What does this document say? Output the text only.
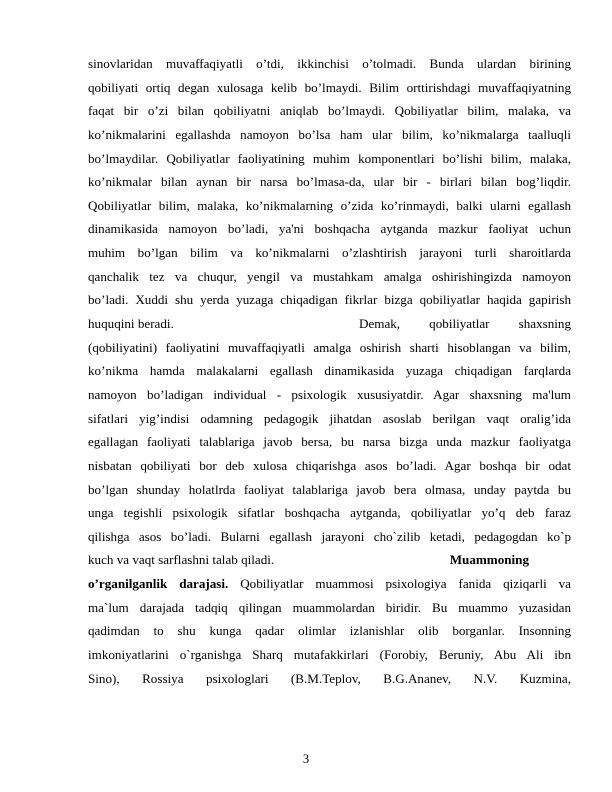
sinovlaridan muvaffaqiyatli o’tdi, ikkinchisi o’tolmadi. Bunda ulardan birining
qobiliyati ortiq degan xulosaga kelib bo’lmaydi. Bilim orttirishdagi muvaffaqiyatning
faqat bir o’zi bilan qobiliyatni aniqlab bo’lmaydi. Qobiliyatlar bilim, malaka, va
ko’nikmalarini egallashda namoyon bo’lsa ham ular bilim, ko’nikmalarga taalluqli
bo’lmaydilar. Qobiliyatlar faoliyatining muhim komponentlari bo’lishi bilim, malaka,
ko’nikmalar bilan aynan bir narsa bo’lmasa-da, ular bir - birlari bilan bog’liqdir.
Qobiliyatlar bilim, malaka, ko’nikmalarning o’zida ko’rinmaydi, balki ularni egallash
dinamikasida namoyon bo’ladi, ya'ni boshqacha aytganda mazkur faoliyat uchun
muhim bo’lgan bilim va ko’nikmalarni o’zlashtirish jarayoni turli sharoitlarda
qanchalik tez va chuqur, yengil va mustahkam amalga oshirishingizda namoyon
bo’ladi. Xuddi shu yerda yuzaga chiqadigan fikrlar bizga qobiliyatlar haqida gapirish
huquqini beradi.	Demak, qobiliyatlar shaxsning
(qobiliyatini) faoliyatini muvaffaqiyatli amalga oshirish sharti hisoblangan va bilim,
ko’nikma hamda malakalarni egallash dinamikasida yuzaga chiqadigan farqlarda
namoyon bo’ladigan individual - psixologik xususiyatdir. Agar shaxsning ma'lum
sifatlari yig’indisi odamning pedagogik jihatdan asoslab berilgan vaqt oralig’ida
egallagan faoliyati talablariga javob bersa, bu narsa bizga unda mazkur faoliyatga
nisbatan qobiliyati bor deb xulosa chiqarishga asos bo’ladi. Agar boshqa bir odat
bo’lgan shunday holatlrda faoliyat talablariga javob bera olmasa, unday paytda bu
unga tegishli psixologik sifatlar boshqacha aytganda, qobiliyatlar yo’q deb faraz
qilishga asos bo’ladi. Bularni egallash jarayoni cho`zilib ketadi, pedagogdan ko`p
kuch va vaqt sarflashni talab qiladi.	Muammoning
o’rganilganlik darajasi. Qobiliyatlar muammosi psixologiya fanida qiziqarli va
ma`lum darajada tadqiq qilingan muammolardan biridir. Bu muammo yuzasidan
qadimdan to shu kunga qadar olimlar izlanishlar olib borganlar. Insonning
imkoniyatlarini o`rganishga Sharq mutafakkirlari (Forobiy, Beruniy, Abu Ali ibn
Sino), Rossiya psixologlari (B.M.Teplov, B.G.Ananev, N.V. Kuzmina,
3
